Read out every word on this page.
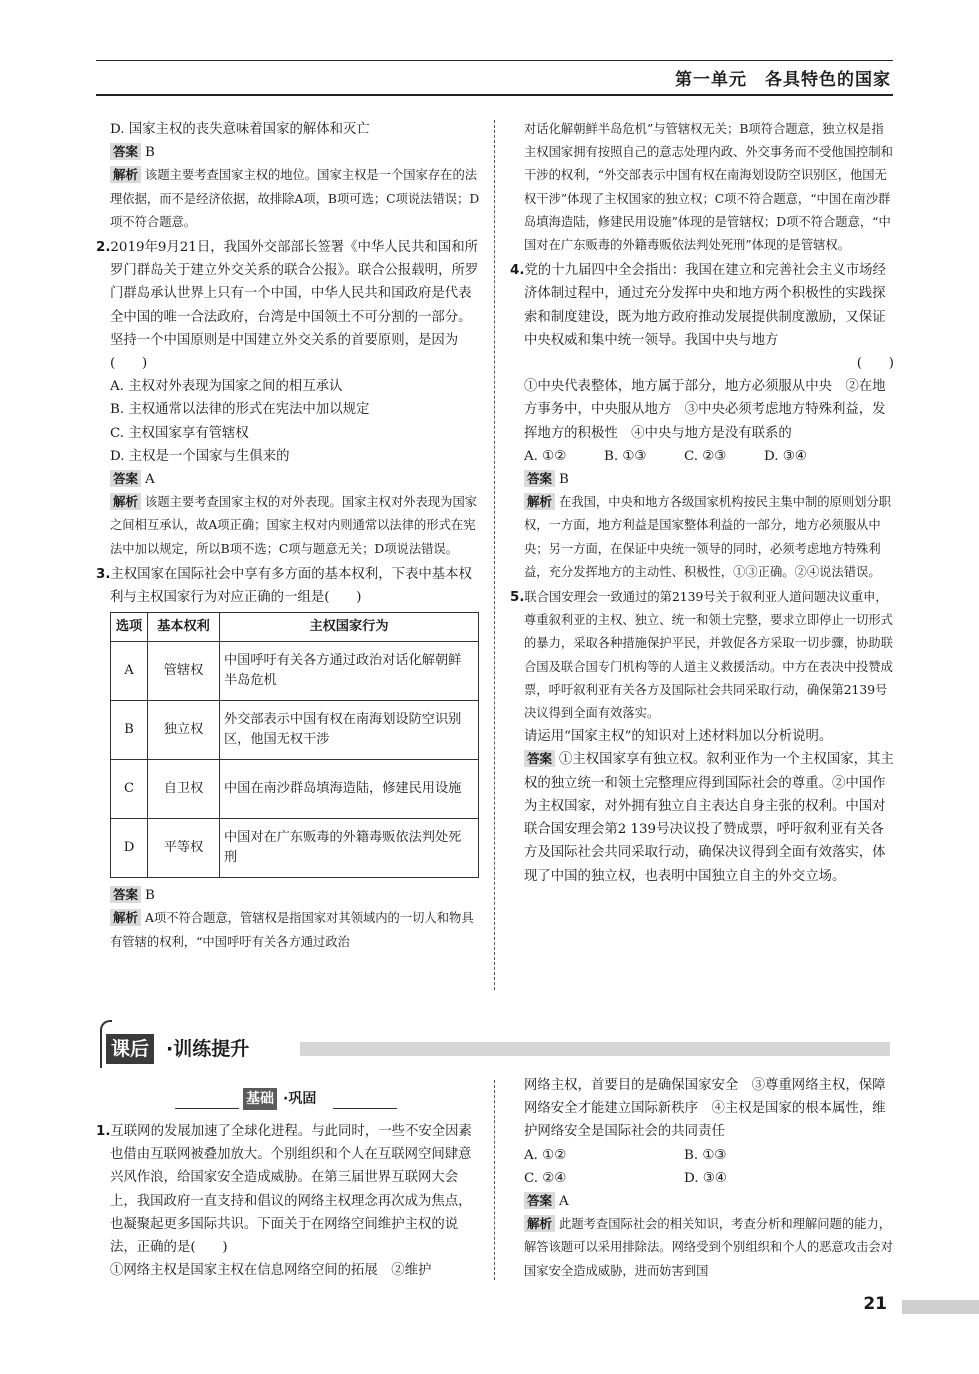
第一单元　各具特色的国家

D. 国家主权的丧失意味着国家的解体和灭亡

答案 B

解析 该题主要考查国家主权的地位。国家主权是一个国家存在的法理依据，而不是经济依据，故排除A项，B项可选；C项说法错误；D项不符合题意。

2.2019年9月21日，我国外交部部长签署《中华人民共和国和所罗门群岛关于建立外交关系的联合公报》。联合公报载明，所罗门群岛承认世界上只有一个中国，中华人民共和国政府是代表全中国的唯一合法政府，台湾是中国领土不可分割的一部分。坚持一个中国原则是中国建立外交关系的首要原则，是因为(　　)

A. 主权对外表现为国家之间的相互承认

B. 主权通常以法律的形式在宪法中加以规定

C. 主权国家享有管辖权

D. 主权是一个国家与生俱来的

答案 A

解析 该题主要考查国家主权的对外表现。国家主权对外表现为国家之间相互承认，故A项正确；国家主权对内则通常以法律的形式在宪法中加以规定，所以B项不选；C项与题意无关；D项说法错误。

3.主权国家在国际社会中享有多方面的基本权利，下表中基本权利与主权国家行为对应正确的一组是(　　)

选项	基本权利	主权国家行为
A	管辖权	中国呼吁有关各方通过政治对话化解朝鲜半岛危机
B	独立权	外交部表示中国有权在南海划设防空识别区，他国无权干涉
C	自卫权	中国在南沙群岛填海造陆，修建民用设施
D	平等权	中国对在广东贩毒的外籍毒贩依法判处死刑

答案 B

解析 A项不符合题意，管辖权是指国家对其领域内的一切人和物具有管辖的权利，“中国呼吁有关各方通过政治

对话化解朝鲜半岛危机”与管辖权无关；B项符合题意，独立权是指主权国家拥有按照自己的意志处理内政、外交事务而不受他国控制和干涉的权利，“外交部表示中国有权在南海划设防空识别区，他国无权干涉”体现了主权国家的独立权；C项不符合题意，“中国在南沙群岛填海造陆，修建民用设施”体现的是管辖权；D项不符合题意，“中国对在广东贩毒的外籍毒贩依法判处死刑”体现的是管辖权。

4.党的十九届四中全会指出：我国在建立和完善社会主义市场经济体制过程中，通过充分发挥中央和地方两个积极性的实践探索和制度建设，既为地方政府推动发展提供制度激励，又保证中央权威和集中统一领导。我国中央与地方

(　　)

①中央代表整体，地方属于部分，地方必须服从中央　②在地方事务中，中央服从地方　③中央必须考虑地方特殊利益，发挥地方的积极性　④中央与地方是没有联系的

A. ①②	B. ①③	C. ②③	D. ③④

答案 B

解析 在我国，中央和地方各级国家机构按民主集中制的原则划分职权，一方面，地方利益是国家整体利益的一部分，地方必须服从中央；另一方面，在保证中央统一领导的同时，必须考虑地方特殊利益，充分发挥地方的主动性、积极性，①③正确。②④说法错误。

5.联合国安理会一致通过的第2139号关于叙利亚人道问题决议重申，尊重叙利亚的主权、独立、统一和领土完整，要求立即停止一切形式的暴力，采取各种措施保护平民，并敦促各方采取一切步骤，协助联合国及联合国专门机构等的人道主义救援活动。中方在表决中投赞成票，呼吁叙利亚有关各方及国际社会共同采取行动，确保第2139号决议得到全面有效落实。

请运用“国家主权”的知识对上述材料加以分析说明。

答案 ①主权国家享有独立权。叙利亚作为一个主权国家，其主权的独立统一和领土完整理应得到国际社会的尊重。②中国作为主权国家，对外拥有独立自主表达自身主张的权利。中国对联合国安理会第2 139号决议投了赞成票，呼吁叙利亚有关各方及国际社会共同采取行动，确保决议得到全面有效落实，体现了中国的独立权，也表明中国独立自主的外交立场。

课后 ·训练提升
基础 ·巩固

1.互联网的发展加速了全球化进程。与此同时，一些不安全因素也借由互联网被叠加放大。个别组织和个人在互联网空间肆意兴风作浪，给国家安全造成威胁。在第三届世界互联网大会上，我国政府一直支持和倡议的网络主权理念再次成为焦点，也凝聚起更多国际共识。下面关于在网络空间维护主权的说法，正确的是(　　)

①网络主权是国家主权在信息网络空间的拓展　②维护

网络主权，首要目的是确保国家安全　③尊重网络主权，保障网络安全才能建立国际新秩序　④主权是国家的根本属性，维护网络安全是国际社会的共同责任

A. ①②	B. ①③

C. ②④	D. ③④

答案 A

解析 此题考查国际社会的相关知识，考查分析和理解问题的能力，解答该题可以采用排除法。网络受到个别组织和个人的恶意攻击会对国家安全造成威胁，进而妨害到国

21
